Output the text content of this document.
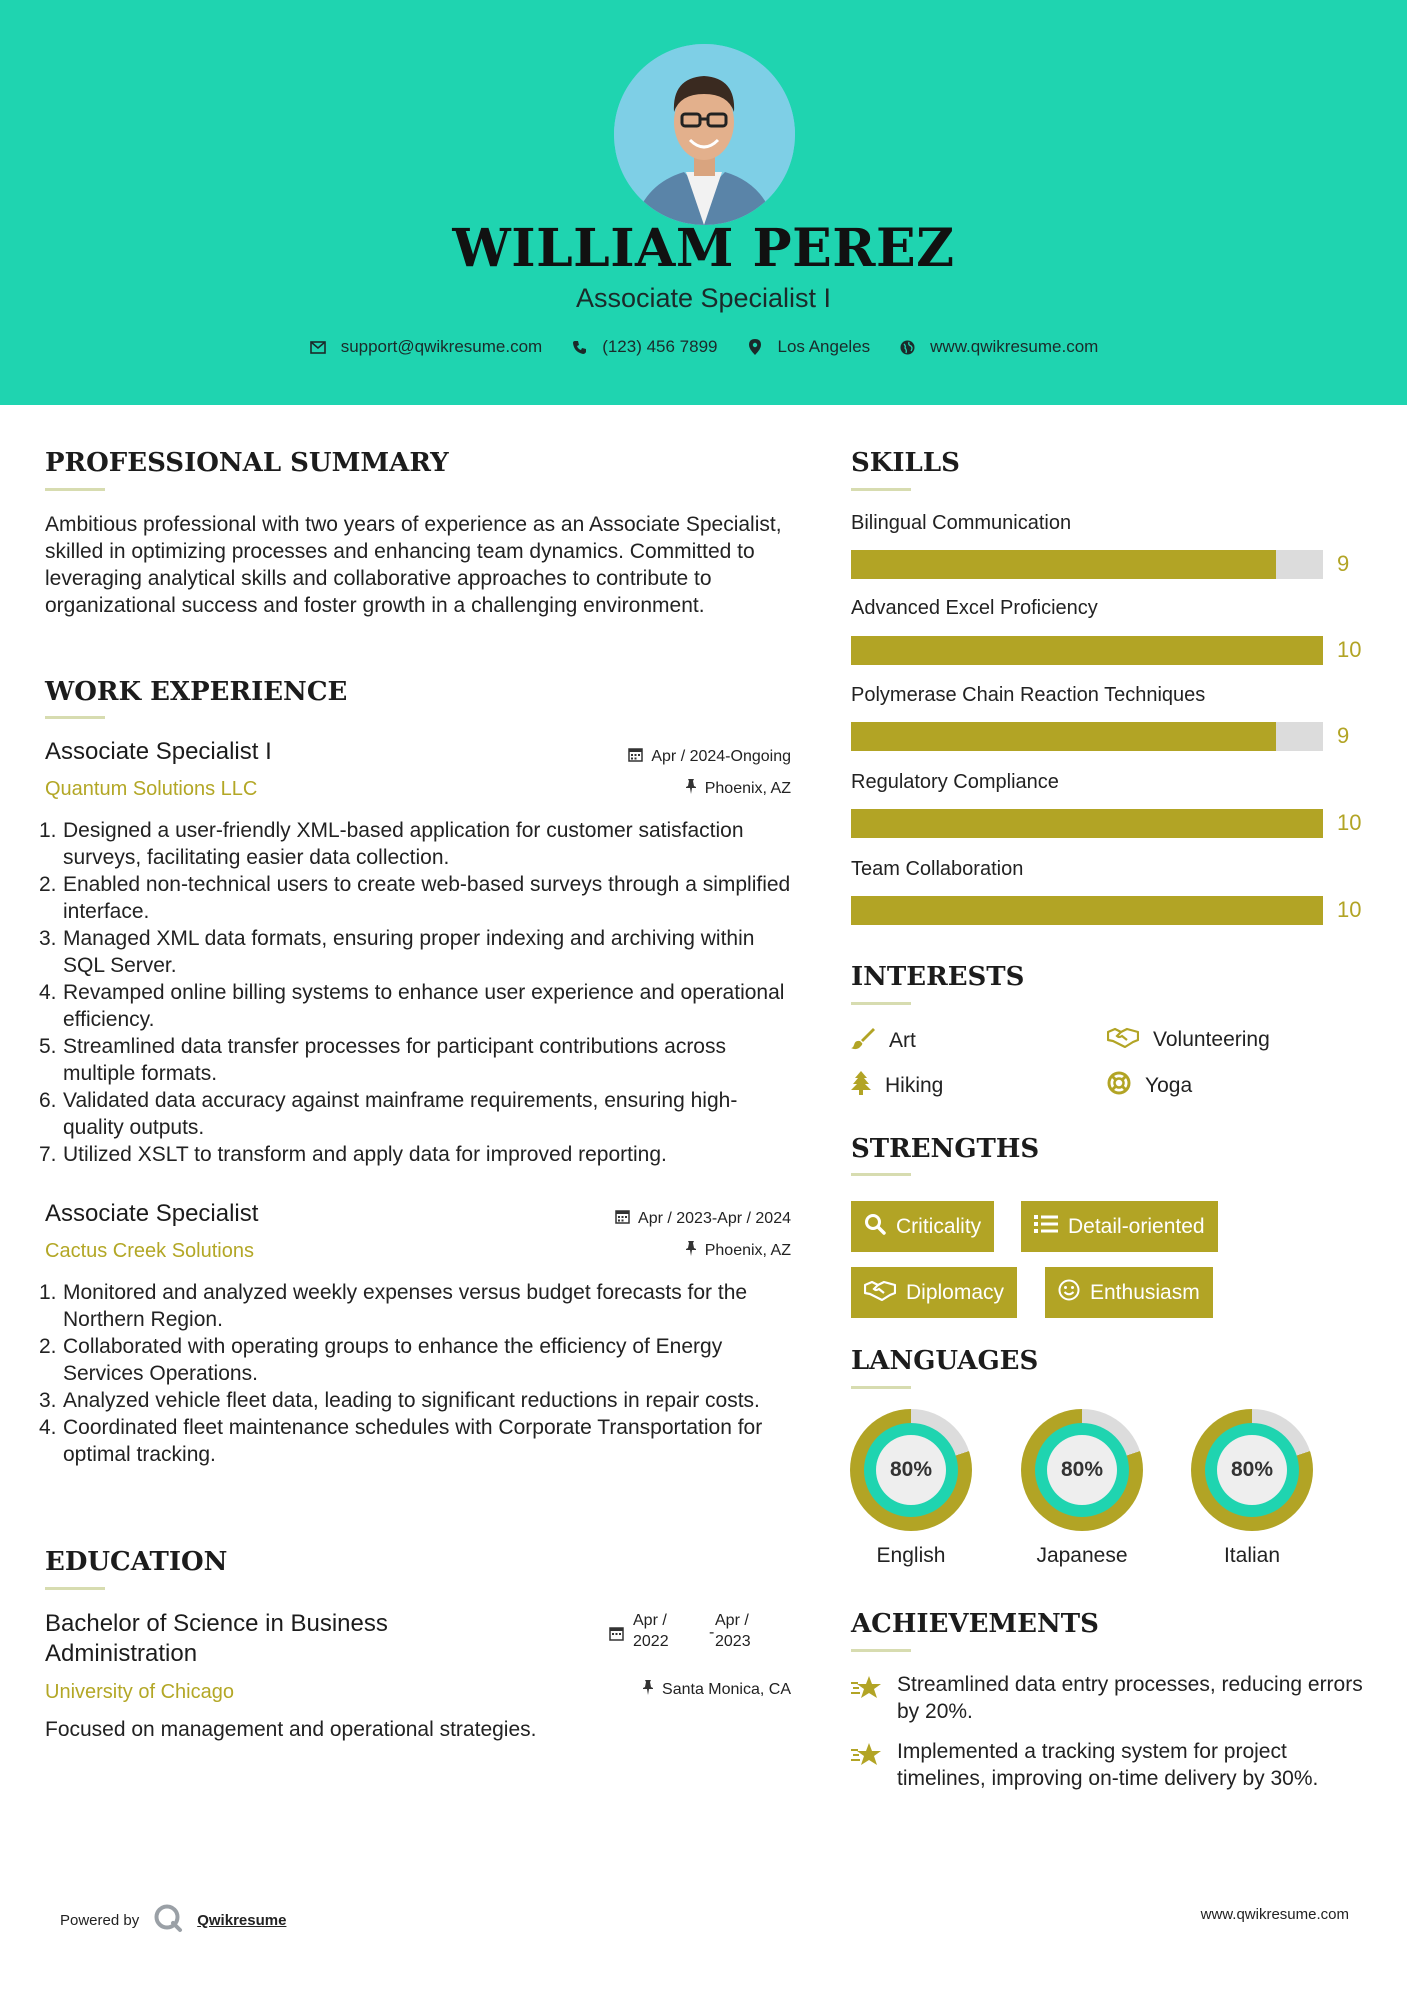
WILLIAM PEREZ
Associate Specialist I
support@qwikresume.com	(123) 456 7899	Los Angeles	www.qwikresume.com
PROFESSIONAL SUMMARY
Ambitious professional with two years of experience as an Associate Specialist, skilled in optimizing processes and enhancing team dynamics. Committed to leveraging analytical skills and collaborative approaches to contribute to organizational success and foster growth in a challenging environment.
WORK EXPERIENCE
Associate Specialist I
Quantum Solutions LLC
Apr / 2024-Ongoing
Phoenix, AZ
1. Designed a user-friendly XML-based application for customer satisfaction surveys, facilitating easier data collection.
2. Enabled non-technical users to create web-based surveys through a simplified interface.
3. Managed XML data formats, ensuring proper indexing and archiving within SQL Server.
4. Revamped online billing systems to enhance user experience and operational efficiency.
5. Streamlined data transfer processes for participant contributions across multiple formats.
6. Validated data accuracy against mainframe requirements, ensuring high-quality outputs.
7. Utilized XSLT to transform and apply data for improved reporting.
Associate Specialist
Cactus Creek Solutions
Apr / 2023-Apr / 2024
Phoenix, AZ
1. Monitored and analyzed weekly expenses versus budget forecasts for the Northern Region.
2. Collaborated with operating groups to enhance the efficiency of Energy Services Operations.
3. Analyzed vehicle fleet data, leading to significant reductions in repair costs.
4. Coordinated fleet maintenance schedules with Corporate Transportation for optimal tracking.
EDUCATION
Bachelor of Science in Business
Administration
University of Chicago
Apr /
2022
-
Apr /
2023
Santa Monica, CA
Focused on management and operational strategies.
SKILLS
Bilingual Communication
9
Advanced Excel Proficiency
10
Polymerase Chain Reaction Techniques
9
Regulatory Compliance
10
Team Collaboration
10
INTERESTS
Art	Volunteering
Hiking	Yoga
STRENGTHS
Criticality	Detail-oriented
Diplomacy	Enthusiasm
LANGUAGES
80%
English
80%
Japanese
80%
Italian
ACHIEVEMENTS
Streamlined data entry processes, reducing errors by 20%.
Implemented a tracking system for project timelines, improving on-time delivery by 30%.
Powered by	Qwikresume	www.qwikresume.com
